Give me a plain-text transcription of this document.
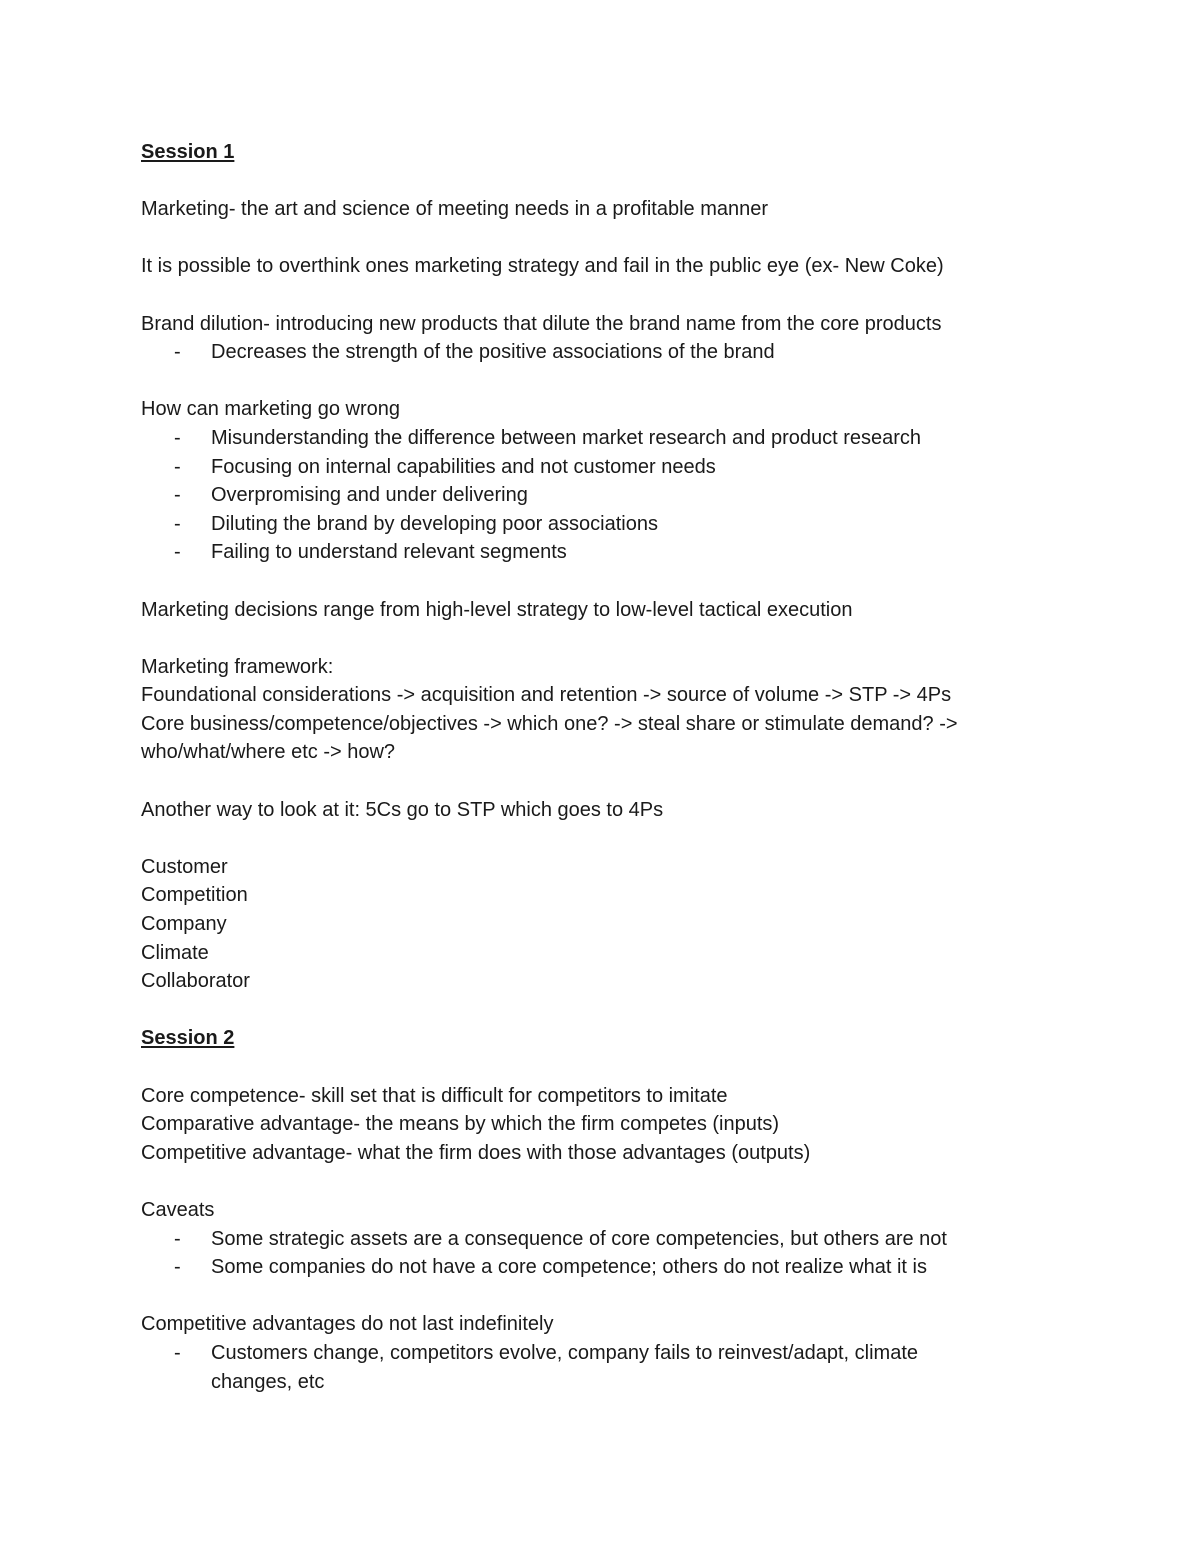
Session 1

Marketing- the art and science of meeting needs in a profitable manner

It is possible to overthink ones marketing strategy and fail in the public eye (ex- New Coke)

Brand dilution- introducing new products that dilute the brand name from the core products

- Decreases the strength of the positive associations of the brand

How can marketing go wrong

- Misunderstanding the difference between market research and product research

- Focusing on internal capabilities and not customer needs

- Overpromising and under delivering

- Diluting the brand by developing poor associations

- Failing to understand relevant segments

Marketing decisions range from high-level strategy to low-level tactical execution

Marketing framework:

Foundational considerations -> acquisition and retention -> source of volume -> STP -> 4Ps

Core business/competence/objectives -> which one? -> steal share or stimulate demand? ->

who/what/where etc -> how?

Another way to look at it: 5Cs go to STP which goes to 4Ps

Customer

Competition

Company

Climate

Collaborator

Session 2

Core competence- skill set that is difficult for competitors to imitate

Comparative advantage- the means by which the firm competes (inputs)

Competitive advantage- what the firm does with those advantages (outputs)

Caveats

- Some strategic assets are a consequence of core competencies, but others are not

- Some companies do not have a core competence; others do not realize what it is

Competitive advantages do not last indefinitely

- Customers change, competitors evolve, company fails to reinvest/adapt, climate changes, etc
